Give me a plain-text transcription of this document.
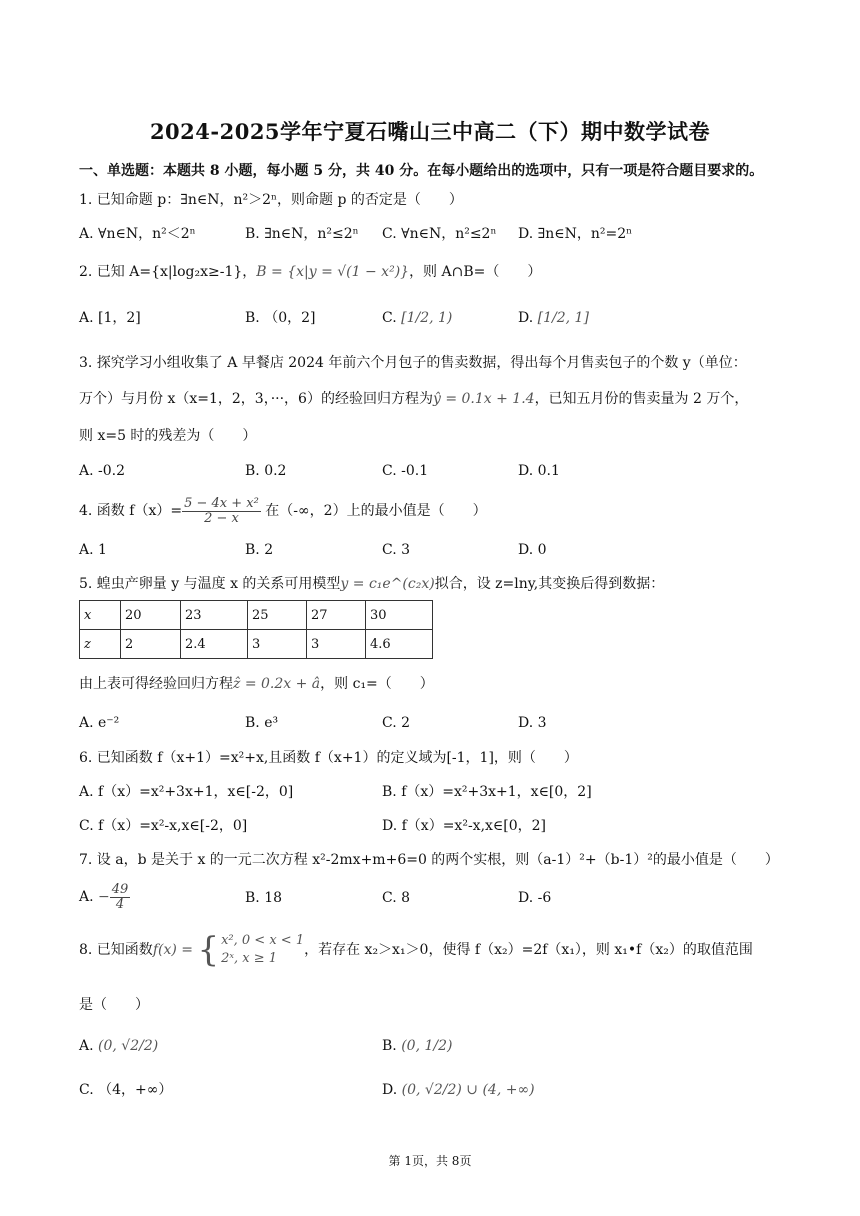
2024-2025学年宁夏石嘴山三中高二（下）期中数学试卷
一、单选题：本题共 8 小题，每小题 5 分，共 40 分。在每小题给出的选项中，只有一项是符合题目要求的。
1. 已知命题 p：∃n∈N，n²＞2ⁿ，则命题 p 的否定是（　　）
A. ∀n∈N，n²＜2ⁿ	B. ∃n∈N，n²≤2ⁿ C. ∀n∈N，n²≤2ⁿ D. ∃n∈N，n²=2ⁿ
2. 已知 A={x|log₂x≥-1}，B = {x|y = √(1 − x²)}，则 A∩B=（　　）
A. [1，2]	B. （0，2]	C. [1/2, 1)	D. [1/2, 1]
3. 探究学习小组收集了 A 早餐店 2024 年前六个月包子的售卖数据，得出每个月售卖包子的个数 y（单位：
万个）与月份 x（x=1，2，3，···，6）的经验回归方程为ŷ = 0.1x + 1.4，已知五月份的售卖量为 2 万个，
则 x=5 时的残差为（　　）
A. -0.2	B. 0.2	C. -0.1	D. 0.1
4. 函数 $f(x)= \frac{\text{5 − 4x + x²}}{2 - x}$ 在（-∞，2）上的最小值是（　　）
A. 1	B. 2	C. 3	D. 0
5. 蝗虫产卵量 y 与温度 x 的关系可用模型y = c₁e^(c₂x)拟合，设 z=lny,其变换后得到数据：
x	20	23	25	27	30
z	2	2.4	3	3	4.6
由上表可得经验回归方程ẑ = 0.2x + â，则 c₁=（　　）
A. e⁻²	B. e³	C. 2	D. 3
6. 已知函数 f（x+1）=x²+x,且函数 f（x+1）的定义域为[-1，1]，则（　　）
A. f（x）=x²+3x+1，x∈[-2，0]	B. f（x）=x²+3x+1，x∈[0，2]
C. f（x）=x²-x,x∈[-2，0]	D. f（x）=x²-x,x∈[0，2]
7. 设 a，b 是关于 x 的一元二次方程 x²-2mx+m+6=0 的两个实根，则（a-1）²+（b-1）²的最小值是（　　）
A. − $\frac{49}{4}$	B. 18	C. 8	D. -6
8. 已知函数f(x) = { x², 0 < x < 1
2ˣ, x ≥ 1
，若存在 x₂＞x₁＞0，使得 f（x₂）=2f（x₁），则 x₁•f（x₂）的取值范围
是（　　）
A. (0, √2/2)	B. (0, 1/2)
C. （4，+∞）	D. (0, √2/2) ∪ (4, +∞)
第 1页，共 8页
